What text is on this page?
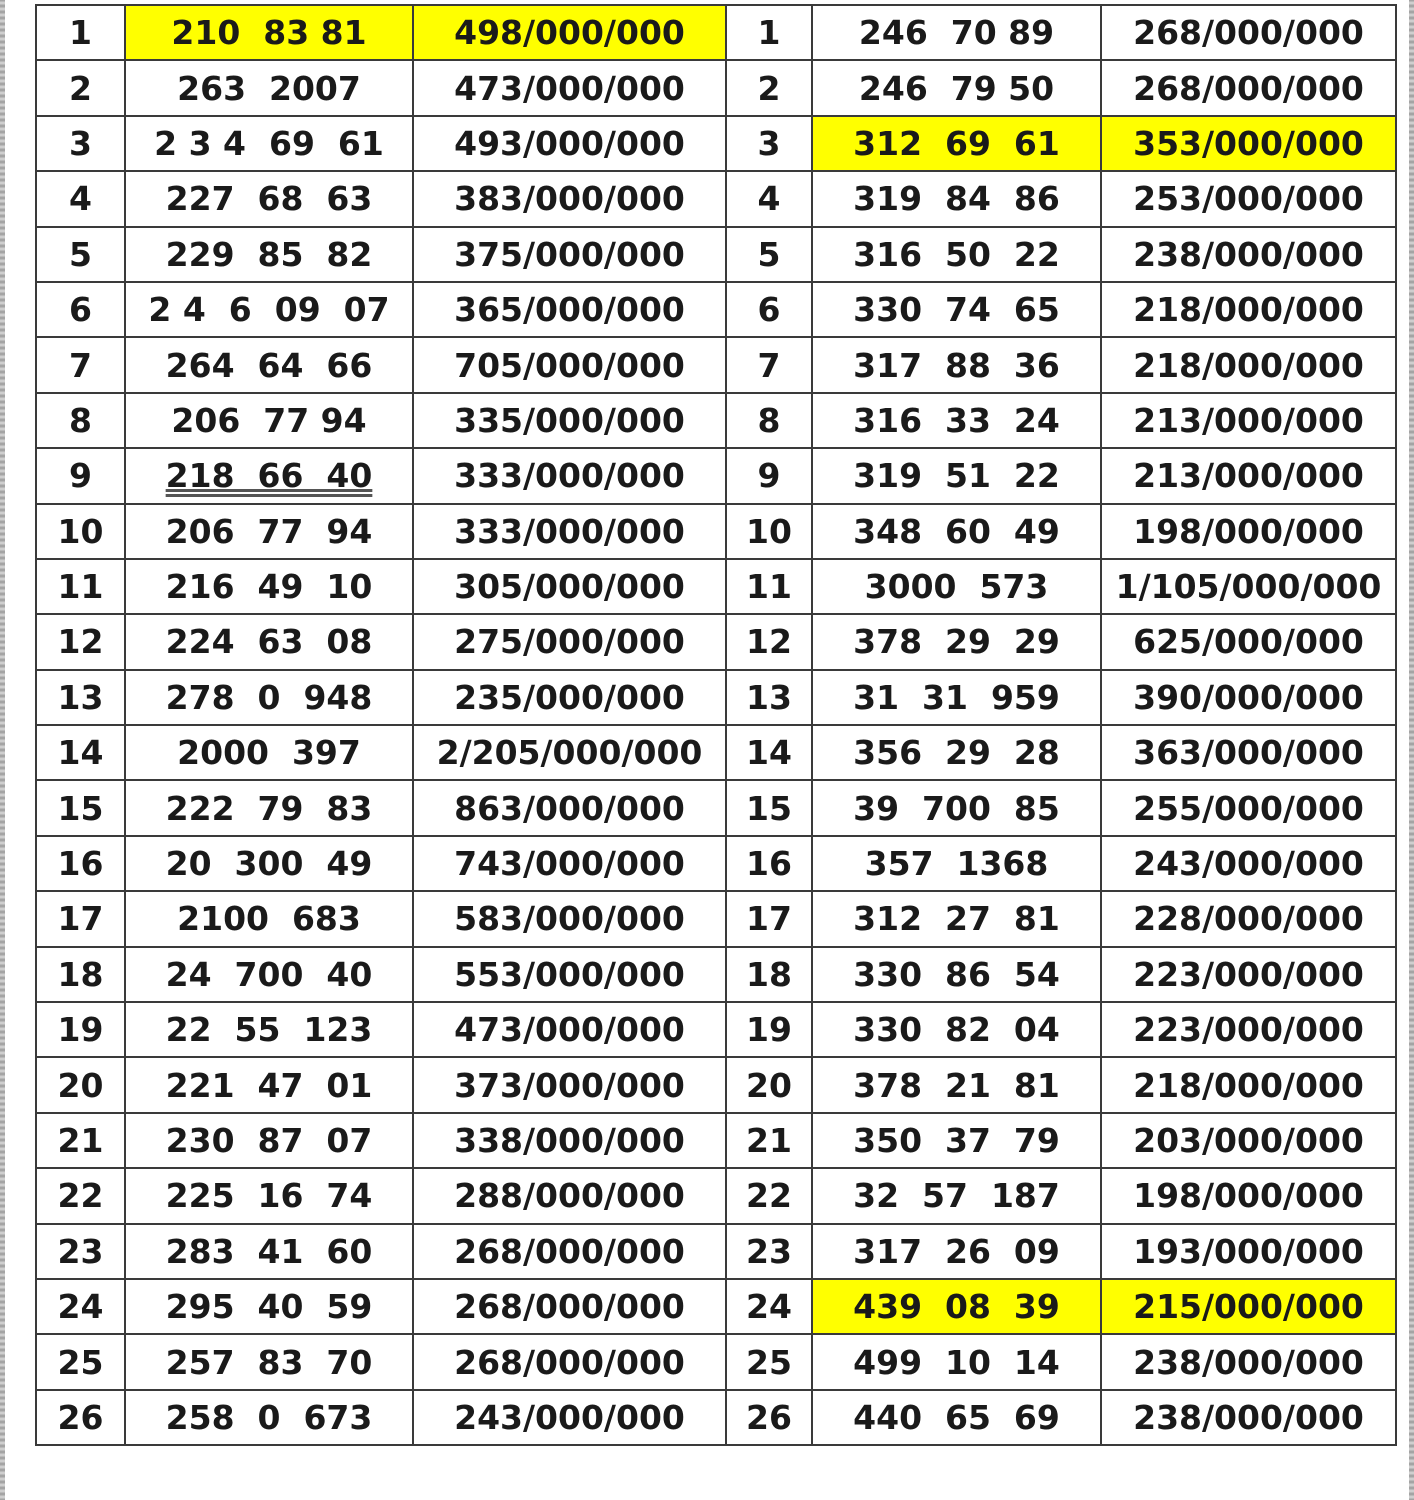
1	210  83 81	498/000/000	1	246  70 89	268/000/000
2	263  2007	473/000/000	2	246  79 50	268/000/000
3	2 3 4  69  61	493/000/000	3	312  69  61	353/000/000
4	227  68  63	383/000/000	4	319  84  86	253/000/000
5	229  85  82	375/000/000	5	316  50  22	238/000/000
6	2 4  6  09  07	365/000/000	6	330  74  65	218/000/000
7	264  64  66	705/000/000	7	317  88  36	218/000/000
8	206  77 94	335/000/000	8	316  33  24	213/000/000
9	218  66  40	333/000/000	9	319  51  22	213/000/000
10	206  77  94	333/000/000	10	348  60  49	198/000/000
11	216  49  10	305/000/000	11	3000  573	1/105/000/000
12	224  63  08	275/000/000	12	378  29  29	625/000/000
13	278  0  948	235/000/000	13	31  31  959	390/000/000
14	2000  397	2/205/000/000	14	356  29  28	363/000/000
15	222  79  83	863/000/000	15	39  700  85	255/000/000
16	20  300  49	743/000/000	16	357  1368	243/000/000
17	2100  683	583/000/000	17	312  27  81	228/000/000
18	24  700  40	553/000/000	18	330  86  54	223/000/000
19	22  55  123	473/000/000	19	330  82  04	223/000/000
20	221  47  01	373/000/000	20	378  21  81	218/000/000
21	230  87  07	338/000/000	21	350  37  79	203/000/000
22	225  16  74	288/000/000	22	32  57  187	198/000/000
23	283  41  60	268/000/000	23	317  26  09	193/000/000
24	295  40  59	268/000/000	24	439  08  39	215/000/000
25	257  83  70	268/000/000	25	499  10  14	238/000/000
26	258  0  673	243/000/000	26	440  65  69	238/000/000
